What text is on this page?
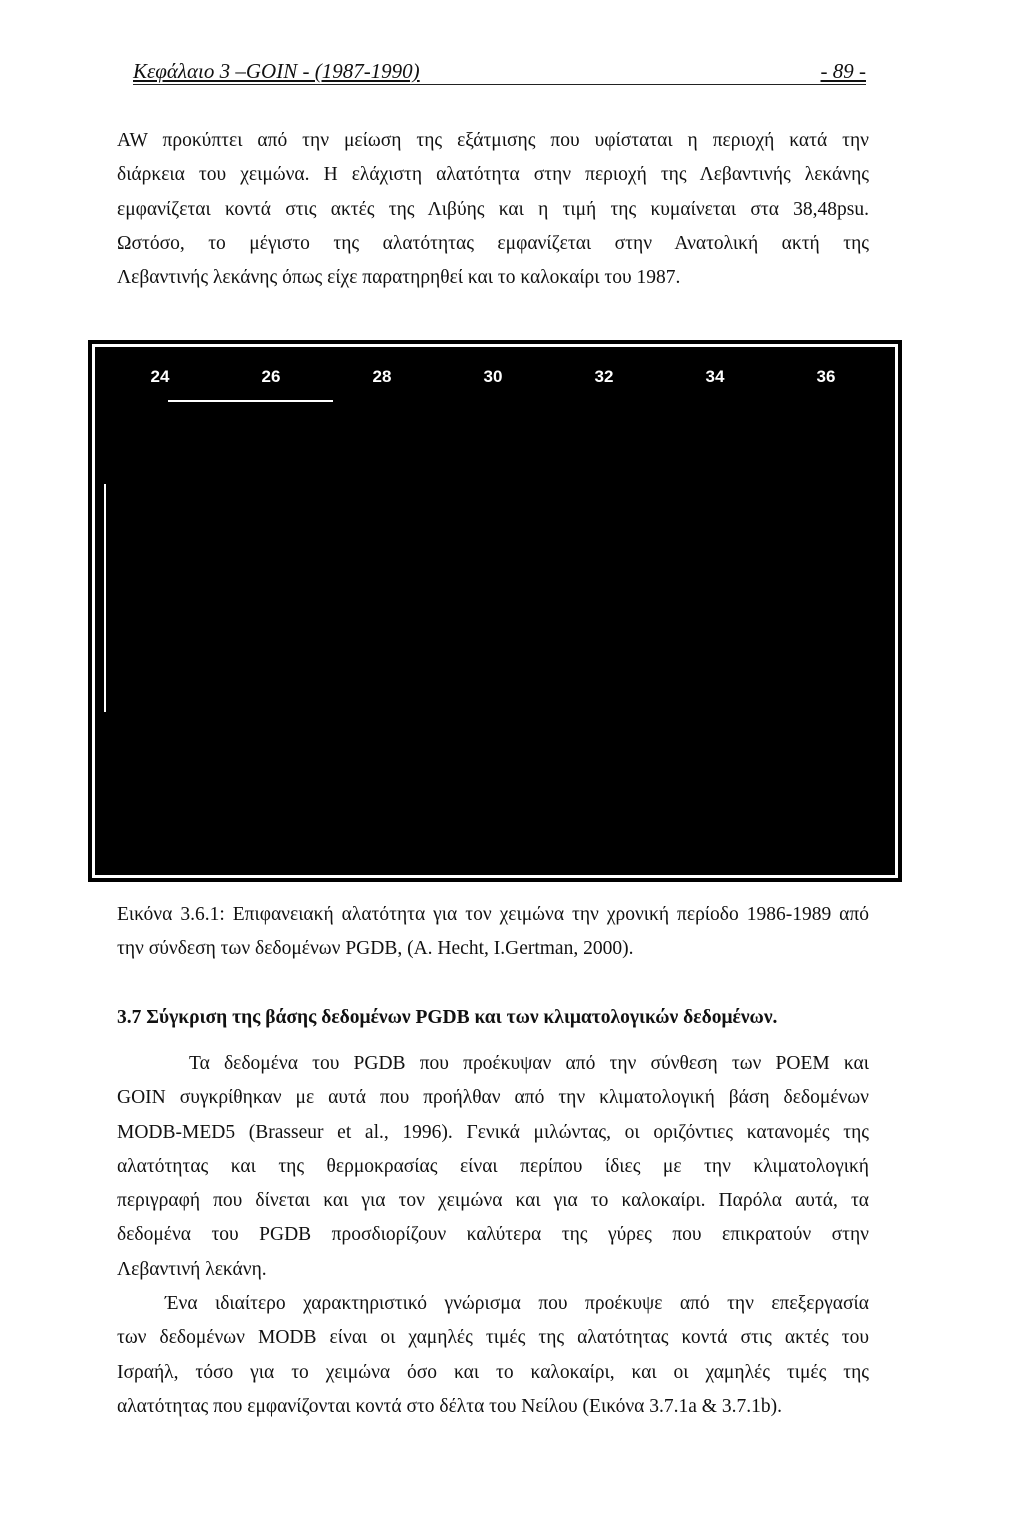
Κεφάλαιο 3 –GOIN - (1987-1990)	- 89 -
AW προκύπτει από την μείωση της εξάτμισης που υφίσταται η περιοχή κατά την
διάρκεια του χειμώνα. Η ελάχιστη αλατότητα στην περιοχή της Λεβαντινής λεκάνης
εμφανίζεται κοντά στις ακτές της Λιβύης και η τιμή της κυμαίνεται στα 38,48psu.
Ωστόσο, το μέγιστο της αλατότητας εμφανίζεται στην Ανατολική ακτή της
Λεβαντινής λεκάνης όπως είχε παρατηρηθεί και το καλοκαίρι του 1987.
24	26	28	30	32	34	36
Εικόνα 3.6.1: Επιφανειακή αλατότητα για τον χειμώνα την χρονική περίοδο 1986-1989 από
την σύνδεση των δεδομένων PGDB, (A. Hecht, I.Gertman, 2000).
3.7 Σύγκριση της βάσης δεδομένων PGDB και των κλιματολογικών δεδομένων.
Τα δεδομένα του PGDB που προέκυψαν από την σύνθεση των POEM και
GOIN συγκρίθηκαν με αυτά που προήλθαν από την κλιματολογική βάση δεδομένων
MODB-MED5 (Brasseur et al., 1996). Γενικά μιλώντας, οι οριζόντιες κατανομές της
αλατότητας και της θερμοκρασίας είναι περίπου ίδιες με την κλιματολογική
περιγραφή που δίνεται και για τον χειμώνα και για το καλοκαίρι. Παρόλα αυτά, τα
δεδομένα του PGDB προσδιορίζουν καλύτερα της γύρες που επικρατούν στην
Λεβαντινή λεκάνη.
Ένα ιδιαίτερο χαρακτηριστικό γνώρισμα που προέκυψε από την επεξεργασία
των δεδομένων MODB είναι οι χαμηλές τιμές της αλατότητας κοντά στις ακτές του
Ισραήλ, τόσο για το χειμώνα όσο και το καλοκαίρι, και οι χαμηλές τιμές της
αλατότητας που εμφανίζονται κοντά στο δέλτα του Νείλου (Εικόνα 3.7.1a & 3.7.1b).
